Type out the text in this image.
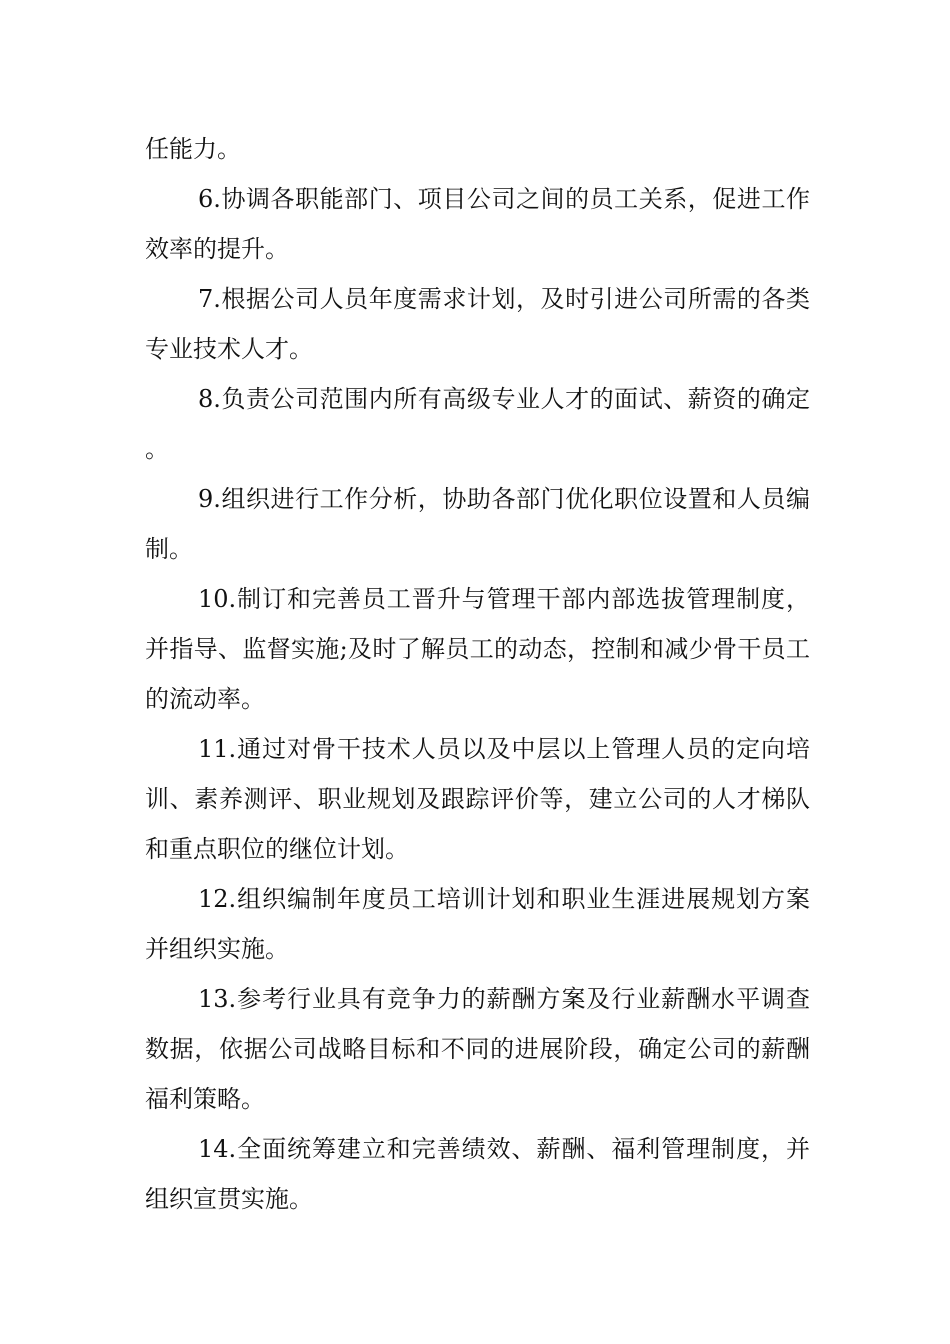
任能力。

6.协调各职能部门、项目公司之间的员工关系，促进工作效率的提升。

7.根据公司人员年度需求计划，及时引进公司所需的各类专业技术人才。

8.负责公司范围内所有高级专业人才的面试、薪资的确定。

9.组织进行工作分析，协助各部门优化职位设置和人员编制。

10.制订和完善员工晋升与管理干部内部选拔管理制度，并指导、监督实施;及时了解员工的动态，控制和减少骨干员工的流动率。

11.通过对骨干技术人员以及中层以上管理人员的定向培训、素养测评、职业规划及跟踪评价等，建立公司的人才梯队和重点职位的继位计划。

12.组织编制年度员工培训计划和职业生涯进展规划方案并组织实施。

13.参考行业具有竞争力的薪酬方案及行业薪酬水平调查数据，依据公司战略目标和不同的进展阶段，确定公司的薪酬福利策略。

14.全面统筹建立和完善绩效、薪酬、福利管理制度，并组织宣贯实施。
